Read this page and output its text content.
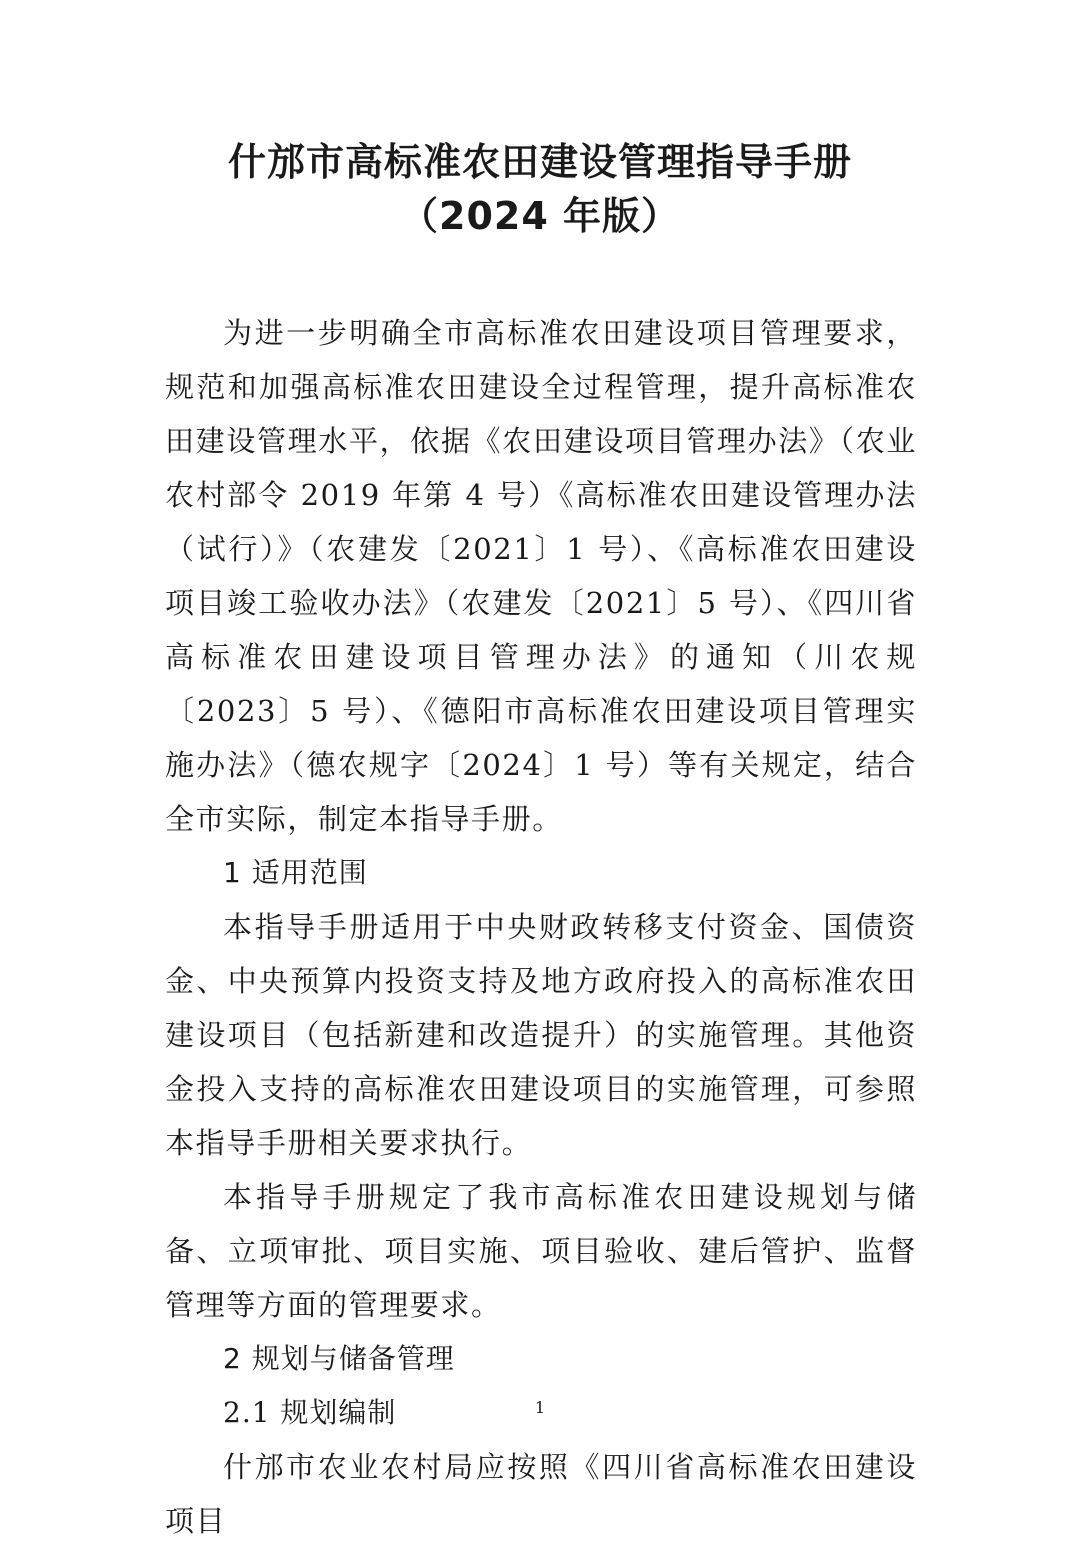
什邡市高标准农田建设管理指导手册
（2024 年版）

为进一步明确全市高标准农田建设项目管理要求，规范和加强高标准农田建设全过程管理，提升高标准农田建设管理水平，依据《农田建设项目管理办法》（农业农村部令 2019 年第 4 号）《高标准农田建设管理办法（试行）》（农建发〔2021〕1 号）、《高标准农田建设项目竣工验收办法》（农建发〔2021〕5 号）、《四川省高标准农田建设项目管理办法》的通知（川农规〔2023〕5 号）、《德阳市高标准农田建设项目管理实施办法》（德农规字〔2024〕1 号）等有关规定，结合全市实际，制定本指导手册。

1 适用范围

本指导手册适用于中央财政转移支付资金、国债资金、中央预算内投资支持及地方政府投入的高标准农田建设项目（包括新建和改造提升）的实施管理。其他资金投入支持的高标准农田建设项目的实施管理，可参照本指导手册相关要求执行。

本指导手册规定了我市高标准农田建设规划与储备、立项审批、项目实施、项目验收、建后管护、监督管理等方面的管理要求。

2 规划与储备管理

2.1 规划编制

什邡市农业农村局应按照《四川省高标准农田建设项目

1
